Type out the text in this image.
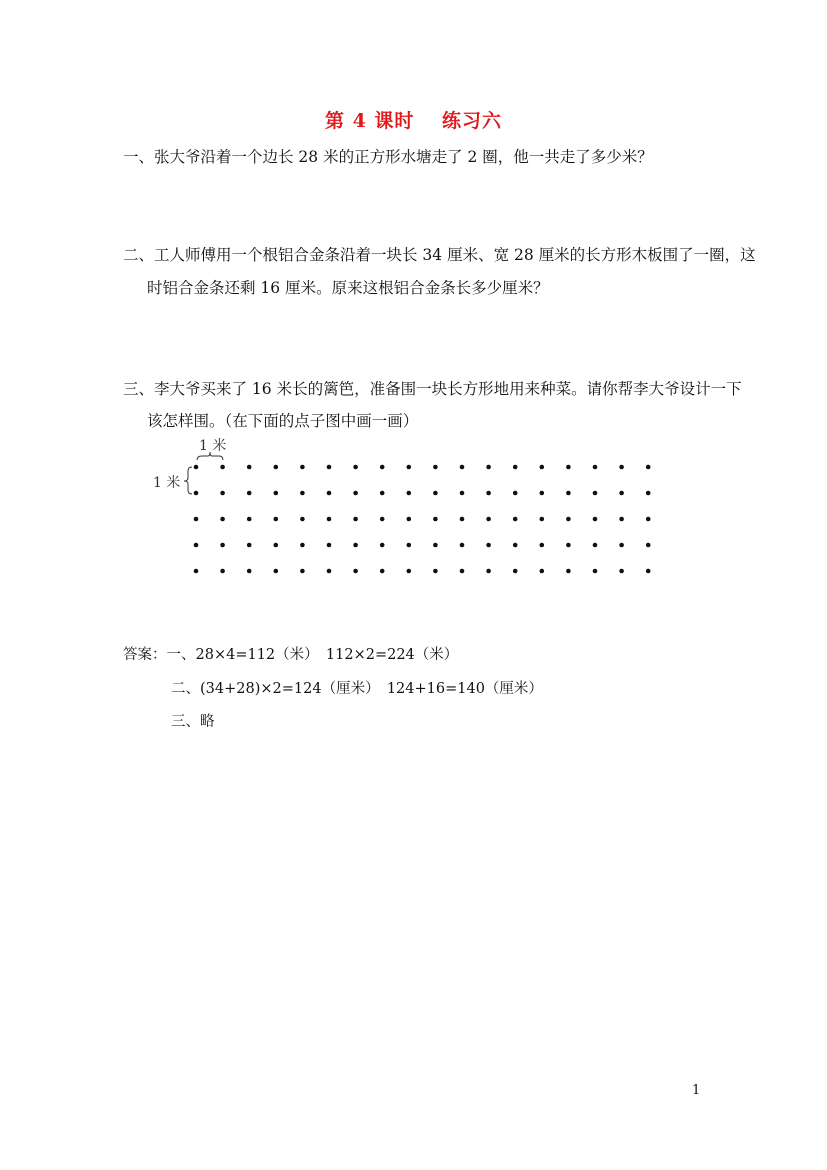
第 4 课时　 练习六
一、张大爷沿着一个边长 28 米的正方形水塘走了 2 圈，他一共走了多少米？
二、工人师傅用一个根铝合金条沿着一块长 34 厘米、宽 28 厘米的长方形木板围了一圈，这
时铝合金条还剩 16 厘米。原来这根铝合金条长多少厘米？
三、李大爷买来了 16 米长的篱笆，准备围一块长方形地用来种菜。请你帮李大爷设计一下
该怎样围。（在下面的点子图中画一画）
1 米
1 米
答案：一、28×4=112（米）　112×2=224（米）
二、(34+28)×2=124（厘米）　124+16=140（厘米）
三、略
1
